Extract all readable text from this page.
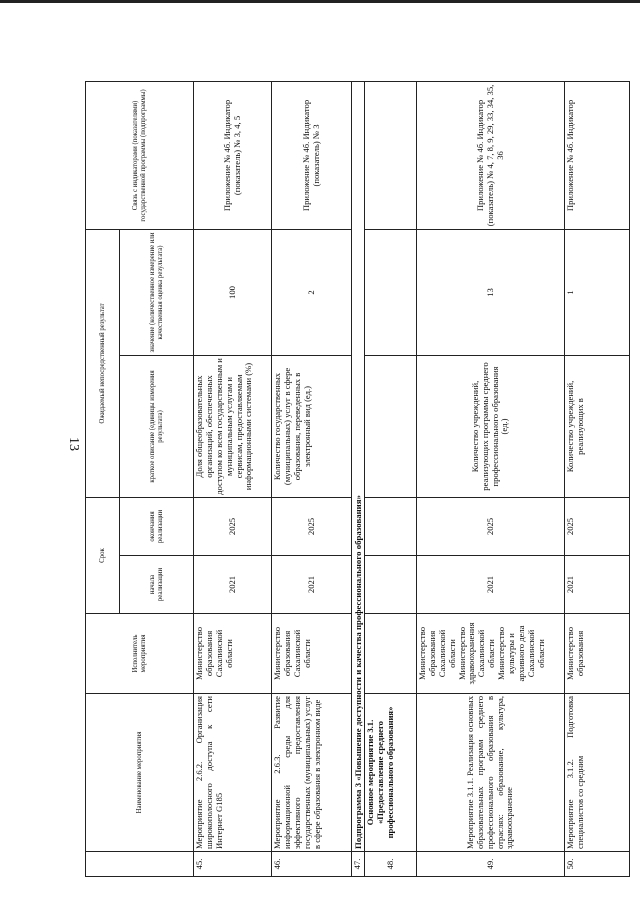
13
	Наименование мероприятия	Исполнитель мероприятия	Срок		Ожидаемый непосредственный результат		Связь с индикаторами (показателями) государственной программы (подпрограммы)
			начала реализации	окончания реализации	краткое описание (единицы измерения результата)	значение (количественное измерение или качественная оценка результата)	
45.	Мероприятие 2.6.2. Организация широкополосного доступа к сети Интернет G185	Министерство образования Сахалинской области	2021	2025	Доля общеобразовательных организаций, обеспеченных доступом ко всем государственным и муниципальным услугам и сервисам, предоставляемым информационными системами (%)	100	Приложение № 4б. Индикатор (показатель) № 3, 4, 5
46.	Мероприятие 2.6.3. Развитие информационной среды для эффективного предоставления государственных (муниципальных) услуг в сфере образования в электронном виде	Министерство образования Сахалинской области	2021	2025	Количество государственных (муниципальных) услуг в сфере образования, переведенных в электронный вид (ед.)	2	Приложение № 4б. Индикатор (показатель) № 3
47.	Подпрограмма 3 «Повышение доступности и качества профессионального образования»						
48.	Основное мероприятие 3.1. «Предоставление среднего профессионального образования»						
49.	Мероприятие 3.1.1. Реализация основных образовательных программ среднего профессионального образования в отраслях: образование, культура, здравоохранение	Министерство образования Сахалинской области Министерство здравоохранения Сахалинской области Министерство культуры и архивного дела Сахалинской области	2021	2025	Количество учреждений, реализующих программы среднего профессионального образования (ед.)	13	Приложение № 4б. Индикатор (показатель) № 4, 7, 8, 9, 29, 33, 34, 35, 36
50.	Мероприятие 3.1.2. Подготовка специалистов со средним	Министерство образования	2021	2025	Количество учреждений, реализующих в	1	Приложение № 4б. Индикатор
